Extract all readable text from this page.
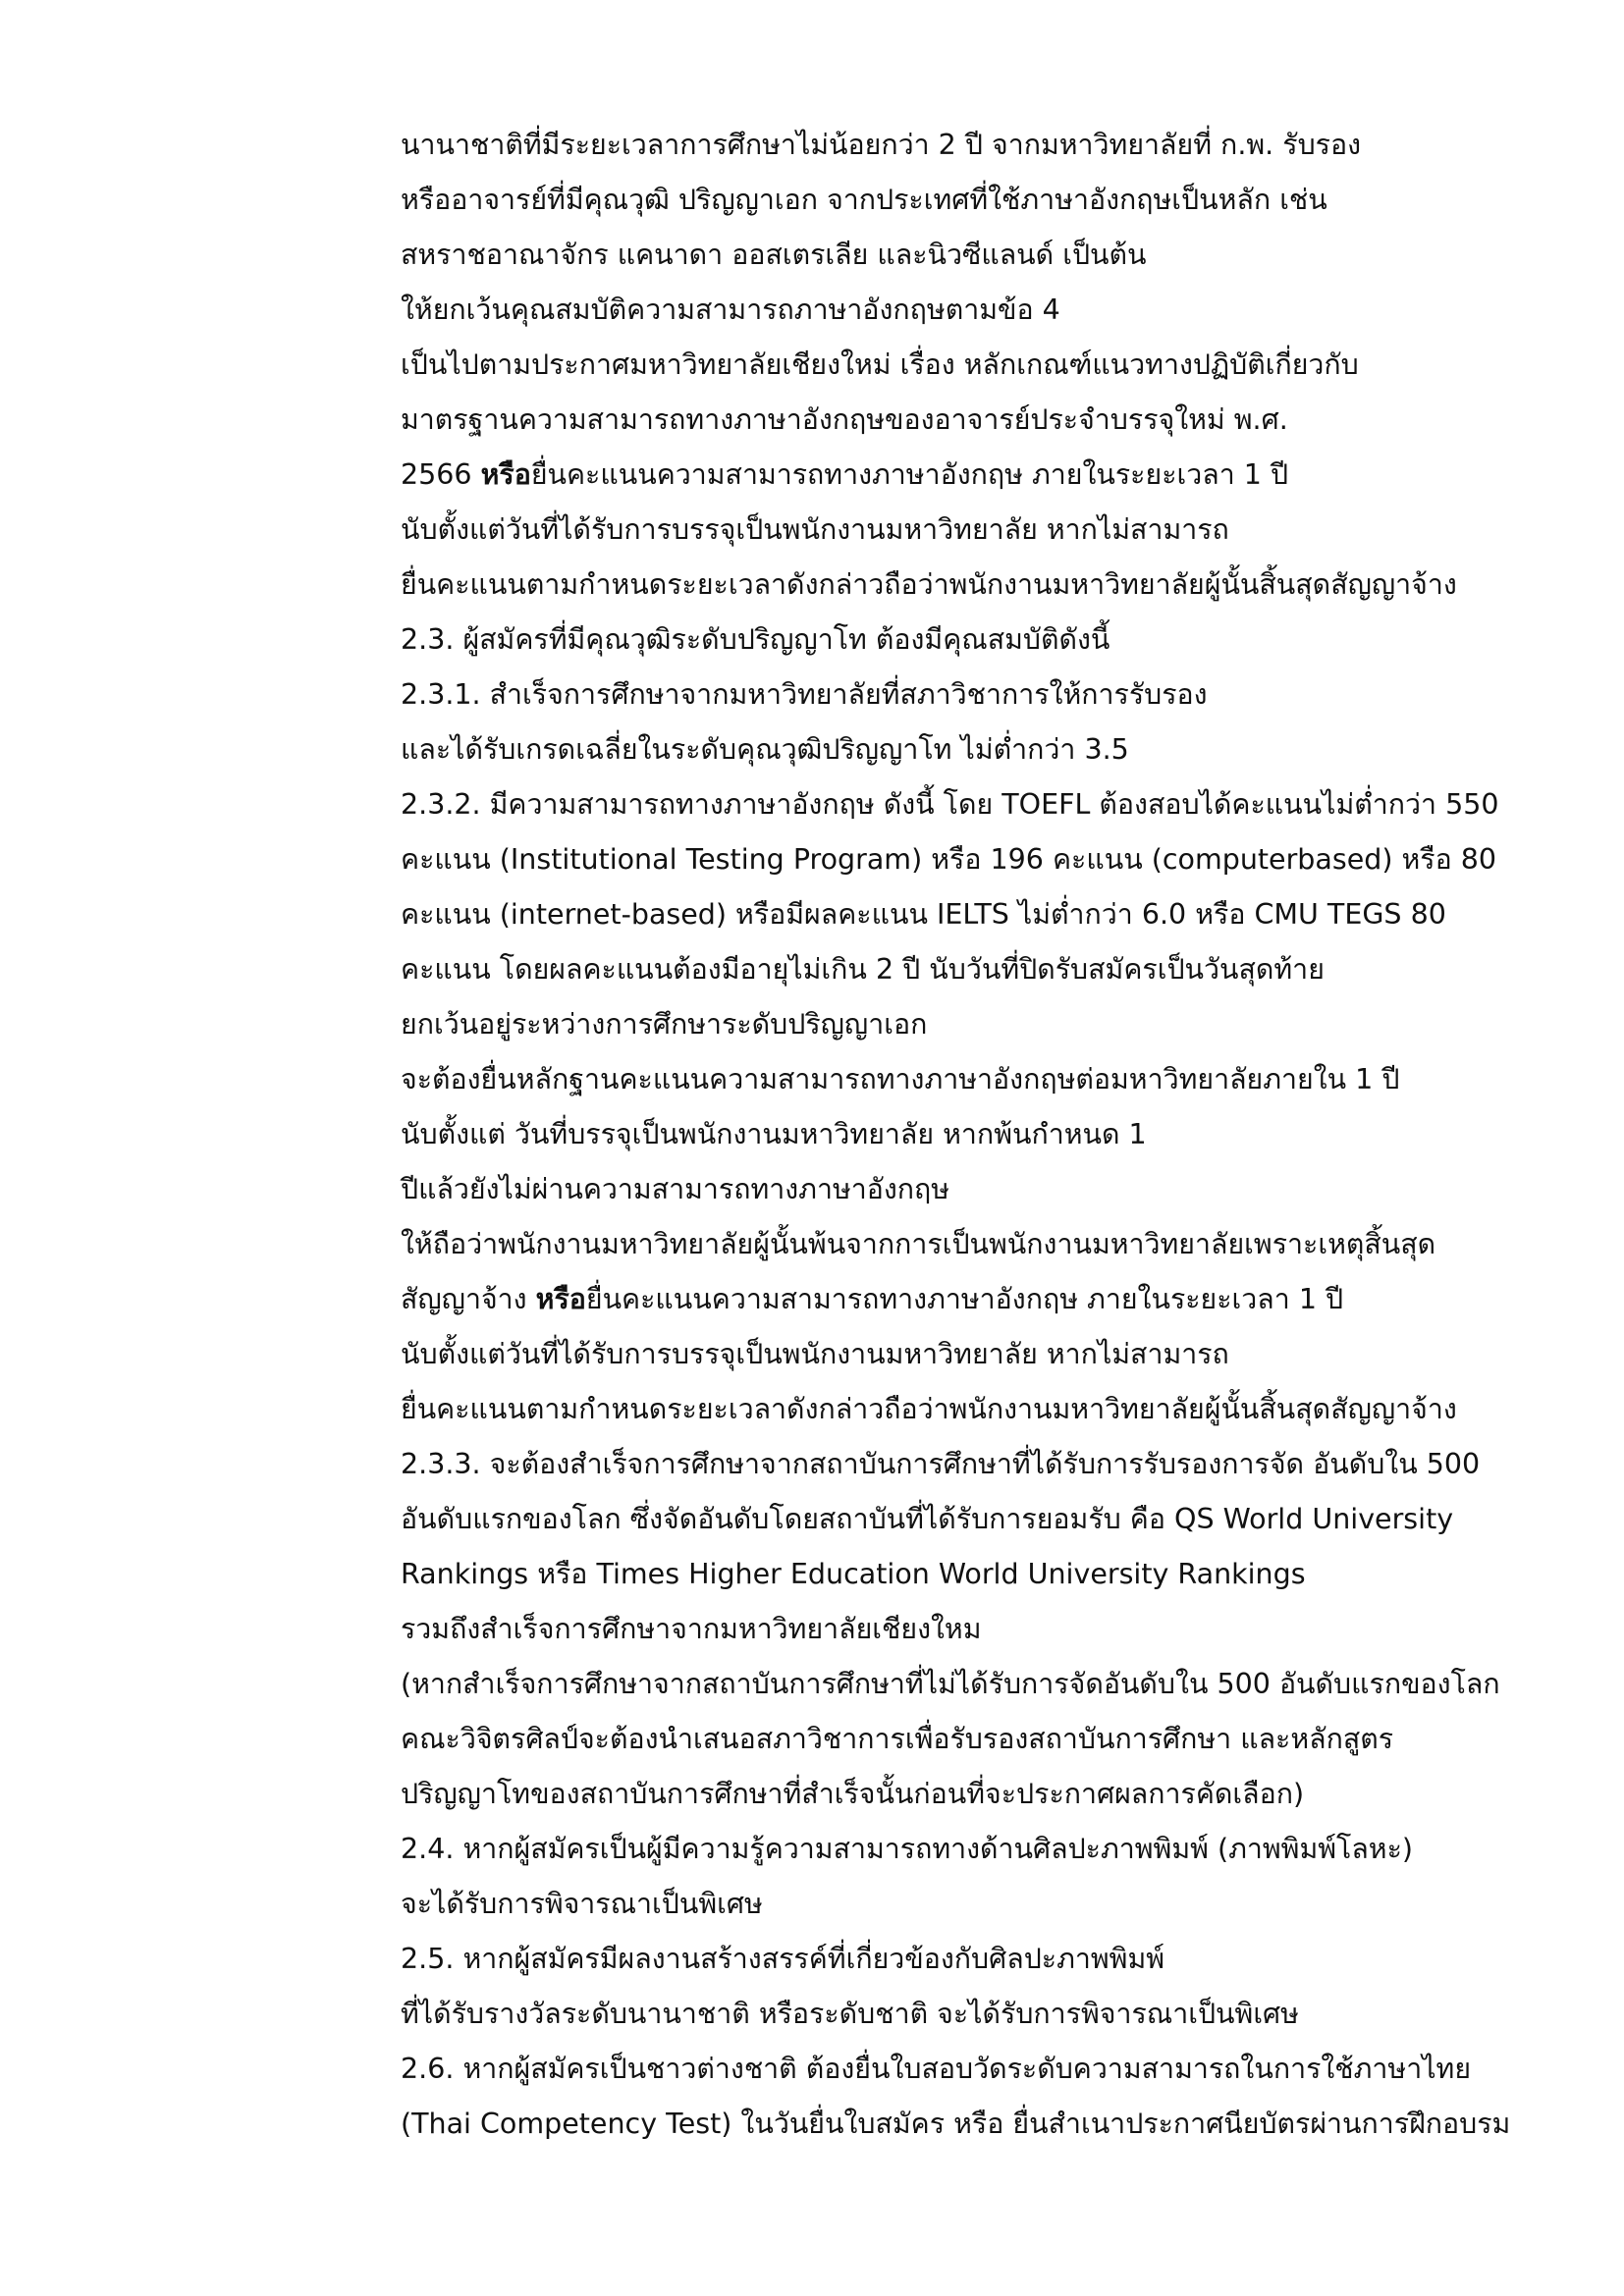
นานาชาติที่มีระยะเวลาการศึกษาไม่น้อยกว่า 2 ปี จากมหาวิทยาลัยที่ ก.พ. รับรอง
หรืออาจารย์ที่มีคุณวุฒิ ปริญญาเอก จากประเทศที่ใช้ภาษาอังกฤษเป็นหลัก เช่น
สหราชอาณาจักร แคนาดา ออสเตรเลีย และนิวซีแลนด์ เป็นต้น
ให้ยกเว้นคุณสมบัติความสามารถภาษาอังกฤษตามข้อ 4
เป็นไปตามประกาศมหาวิทยาลัยเชียงใหม่ เรื่อง หลักเกณฑ์แนวทางปฏิบัติเกี่ยวกับ
มาตรฐานความสามารถทางภาษาอังกฤษของอาจารย์ประจำบรรจุใหม่ พ.ศ.
2566 หรือยื่นคะแนนความสามารถทางภาษาอังกฤษ ภายในระยะเวลา 1 ปี
นับตั้งแต่วันที่ได้รับการบรรจุเป็นพนักงานมหาวิทยาลัย หากไม่สามารถ
ยื่นคะแนนตามกำหนดระยะเวลาดังกล่าวถือว่าพนักงานมหาวิทยาลัยผู้นั้นสิ้นสุดสัญญาจ้าง
2.3. ผู้สมัครที่มีคุณวุฒิระดับปริญญาโท ต้องมีคุณสมบัติดังนี้
2.3.1. สำเร็จการศึกษาจากมหาวิทยาลัยที่สภาวิชาการให้การรับรอง
และได้รับเกรดเฉลี่ยในระดับคุณวุฒิปริญญาโท ไม่ต่ำกว่า 3.5
2.3.2. มีความสามารถทางภาษาอังกฤษ ดังนี้ โดย TOEFL ต้องสอบได้คะแนนไม่ต่ำกว่า 550
คะแนน (Institutional Testing Program) หรือ 196 คะแนน (computerbased) หรือ 80
คะแนน (internet-based) หรือมีผลคะแนน IELTS ไม่ต่ำกว่า 6.0 หรือ CMU TEGS 80
คะแนน โดยผลคะแนนต้องมีอายุไม่เกิน 2 ปี นับวันที่ปิดรับสมัครเป็นวันสุดท้าย
ยกเว้นอยู่ระหว่างการศึกษาระดับปริญญาเอก
จะต้องยื่นหลักฐานคะแนนความสามารถทางภาษาอังกฤษต่อมหาวิทยาลัยภายใน 1 ปี
นับตั้งแต่ วันที่บรรจุเป็นพนักงานมหาวิทยาลัย หากพ้นกำหนด 1
ปีแล้วยังไม่ผ่านความสามารถทางภาษาอังกฤษ
ให้ถือว่าพนักงานมหาวิทยาลัยผู้นั้นพ้นจากการเป็นพนักงานมหาวิทยาลัยเพราะเหตุสิ้นสุด
สัญญาจ้าง หรือยื่นคะแนนความสามารถทางภาษาอังกฤษ ภายในระยะเวลา 1 ปี
นับตั้งแต่วันที่ได้รับการบรรจุเป็นพนักงานมหาวิทยาลัย หากไม่สามารถ
ยื่นคะแนนตามกำหนดระยะเวลาดังกล่าวถือว่าพนักงานมหาวิทยาลัยผู้นั้นสิ้นสุดสัญญาจ้าง
2.3.3. จะต้องสำเร็จการศึกษาจากสถาบันการศึกษาที่ได้รับการรับรองการจัด อันดับใน 500
อันดับแรกของโลก ซึ่งจัดอันดับโดยสถาบันที่ได้รับการยอมรับ คือ QS World University
Rankings หรือ Times Higher Education World University Rankings
รวมถึงสำเร็จการศึกษาจากมหาวิทยาลัยเชียงใหม
(หากสำเร็จการศึกษาจากสถาบันการศึกษาที่ไม่ได้รับการจัดอันดับใน 500 อันดับแรกของโลก
คณะวิจิตรศิลป์จะต้องนำเสนอสภาวิชาการเพื่อรับรองสถาบันการศึกษา และหลักสูตร
ปริญญาโทของสถาบันการศึกษาที่สำเร็จนั้นก่อนที่จะประกาศผลการคัดเลือก)
2.4. หากผู้สมัครเป็นผู้มีความรู้ความสามารถทางด้านศิลปะภาพพิมพ์ (ภาพพิมพ์โลหะ)
จะได้รับการพิจารณาเป็นพิเศษ
2.5. หากผู้สมัครมีผลงานสร้างสรรค์ที่เกี่ยวข้องกับศิลปะภาพพิมพ์
ที่ได้รับรางวัลระดับนานาชาติ หรือระดับชาติ จะได้รับการพิจารณาเป็นพิเศษ
2.6. หากผู้สมัครเป็นชาวต่างชาติ ต้องยื่นใบสอบวัดระดับความสามารถในการใช้ภาษาไทย
(Thai Competency Test) ในวันยื่นใบสมัคร หรือ ยื่นสำเนาประกาศนียบัตรผ่านการฝึกอบรม
